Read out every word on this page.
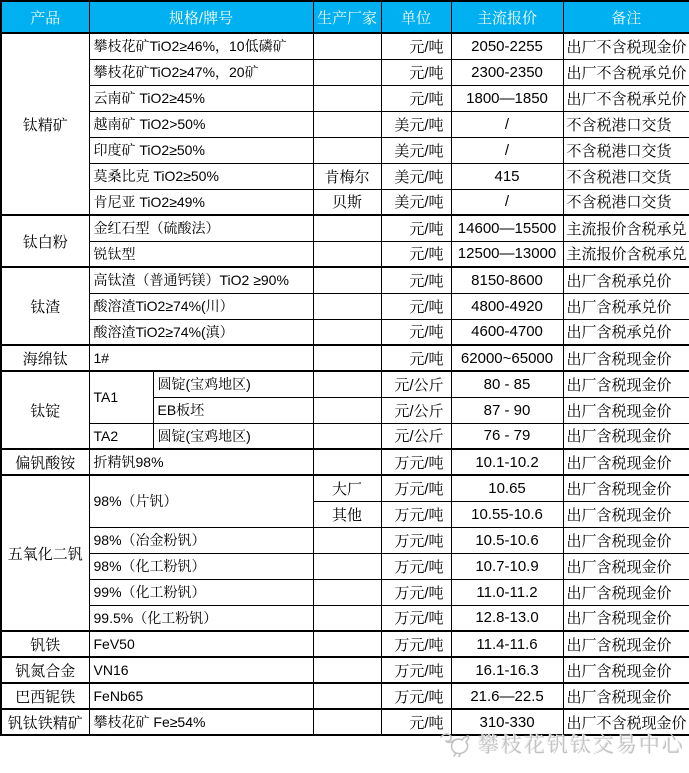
产品	规格/牌号		生产厂家	单位	主流报价	备注
钛精矿	攀枝花矿TiO2≥46%，10低磷矿			元/吨	2050-2255	出厂不含税现金价
	攀枝花矿TiO2≥47%，20矿			元/吨	2300-2350	出厂不含税承兑价
	云南矿 TiO2≥45%			元/吨	1800—1850	出厂不含税承兑价
	越南矿 TiO2>50%			美元/吨	/	不含税港口交货
	印度矿 TiO2≥50%			美元/吨	/	不含税港口交货
	莫桑比克 TiO2≥50%		肯梅尔	美元/吨	415	不含税港口交货
	肯尼亚 TiO2≥49%		贝斯	美元/吨	/	不含税港口交货
钛白粉	金红石型（硫酸法）			元/吨	14600—15500	主流报价含税承兑
	锐钛型			元/吨	12500—13000	主流报价含税承兑
钛渣	高钛渣（普通钙镁）TiO2 ≥90%			元/吨	8150-8600	出厂含税承兑价
	酸溶渣TiO2≥74%(川）			元/吨	4800-4920	出厂含税承兑价
	酸溶渣TiO2≥74%(滇）			元/吨	4600-4700	出厂含税承兑价
海绵钛	1#			元/吨	62000~65000	出厂含税现金价
钛锭	TA1	圆锭(宝鸡地区)		元/公斤	80 - 85	出厂含税现金价
		EB板坯		元/公斤	87 - 90	出厂含税现金价
	TA2	圆锭(宝鸡地区)		元/公斤	76 - 79	出厂含税现金价
偏钒酸铵	折精钒98%			万元/吨	10.1-10.2	出厂含税现金价
五氧化二钒	98%（片钒）		大厂	万元/吨	10.65	出厂含税现金价
			其他	万元/吨	10.55-10.6	出厂含税现金价
	98%（冶金粉钒）			万元/吨	10.5-10.6	出厂含税现金价
	98%（化工粉钒）			万元/吨	10.7-10.9	出厂含税现金价
	99%（化工粉钒）			万元/吨	11.0-11.2	出厂含税现金价
	99.5%（化工粉钒）			万元/吨	12.8-13.0	出厂含税现金价
钒铁	FeV50			万元/吨	11.4-11.6	出厂含税现金价
钒氮合金	VN16			万元/吨	16.1-16.3	出厂含税现金价
巴西铌铁	FeNb65			万元/吨	21.6—22.5	出厂含税现金价
钒钛铁精矿	攀枝花矿 Fe≥54%			元/吨	310-330	出厂不含税现金价
攀枝花钒钛交易中心
